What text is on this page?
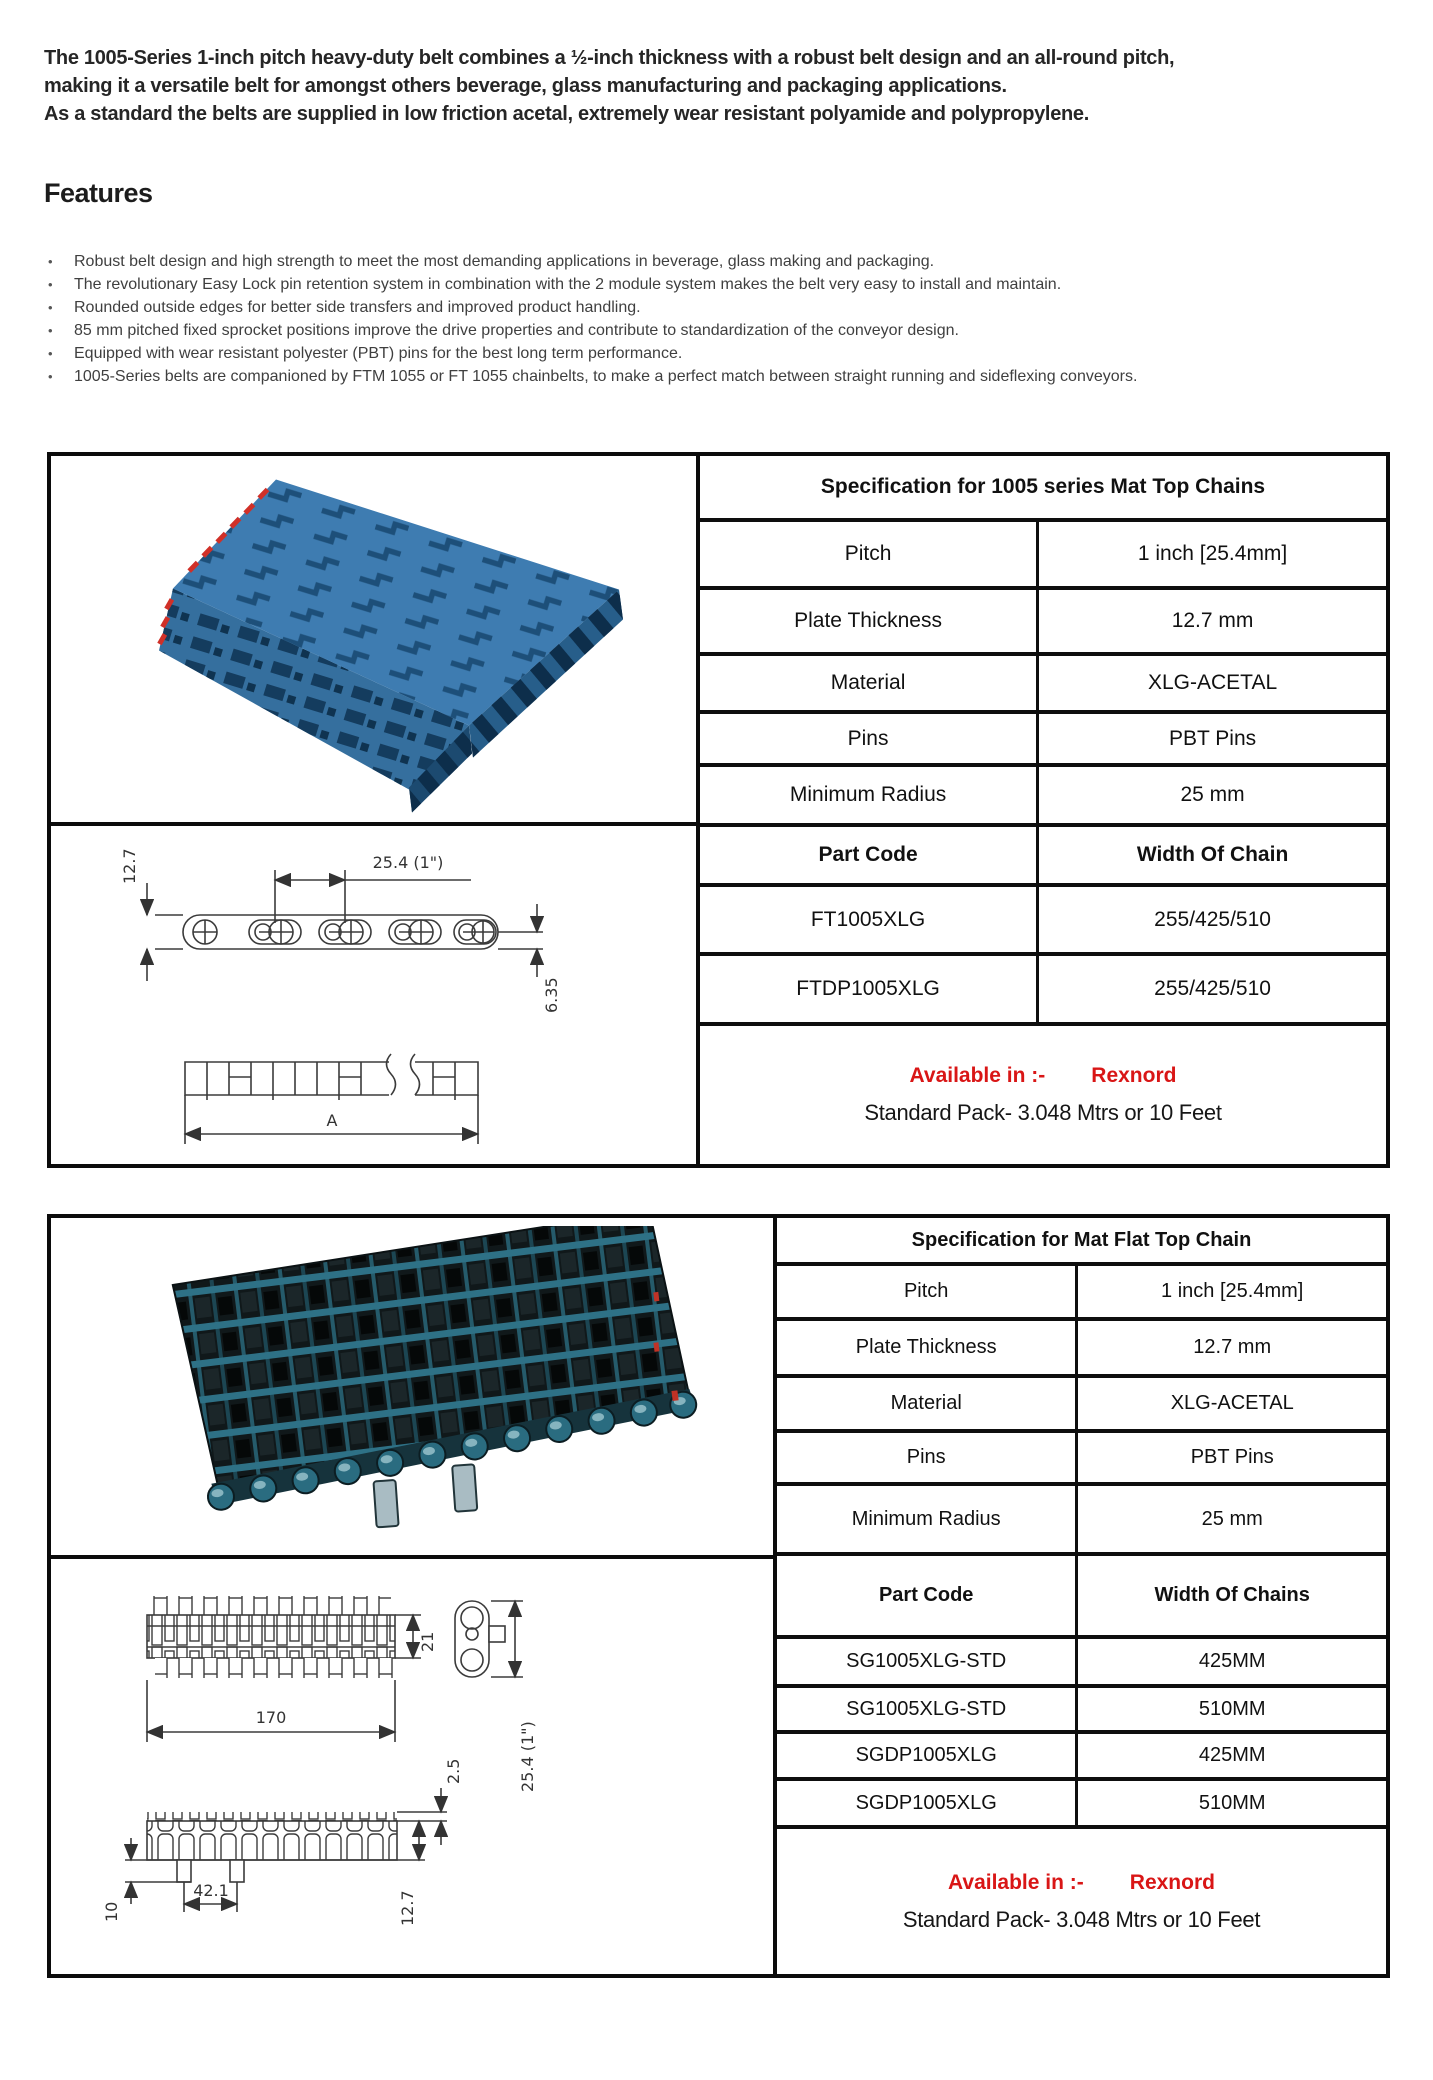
The 1005-Series 1-inch pitch heavy-duty belt combines a ½-inch thickness with a robust belt design and an all-round pitch,
making it a versatile belt for amongst others beverage, glass manufacturing and packaging applications.
As a standard the belts are supplied in low friction acetal, extremely wear resistant polyamide and polypropylene.
Features
•	Robust belt design and high strength to meet the most demanding applications in beverage, glass making and packaging.
•	The revolutionary Easy Lock pin retention system in combination with the 2 module system makes the belt very easy to install and maintain.
•	Rounded outside edges for better side transfers and improved product handling.
•	85 mm pitched fixed sprocket positions improve the drive properties and contribute to standardization of the conveyor design.
•	Equipped with wear resistant polyester (PBT) pins for the best long term performance.
•	1005-Series belts are companioned by FTM 1055 or FT 1055 chainbelts, to make a perfect match between straight running and sideflexing conveyors.
25.4 (1")
12.7
6.35
A
Specification for 1005 series Mat Top Chains
Pitch	1 inch [25.4mm]
Plate Thickness	12.7 mm
Material	XLG-ACETAL
Pins	PBT Pins
Minimum Radius	25 mm
Part Code	Width Of Chain
FT1005XLG	255/425/510
FTDP1005XLG	255/425/510
Available in :- Rexnord
Standard Pack- 3.048 Mtrs or 10 Feet
170
21
25.4 (1")
2.5
12.7
42.1
10
Specification for Mat Flat Top Chain
Pitch	1 inch [25.4mm]
Plate Thickness	12.7 mm
Material	XLG-ACETAL
Pins	PBT Pins
Minimum Radius	25 mm
Part Code	Width Of Chains
SG1005XLG-STD	425MM
SG1005XLG-STD	510MM
SGDP1005XLG	425MM
SGDP1005XLG	510MM
Available in :- Rexnord
Standard Pack- 3.048 Mtrs or 10 Feet
